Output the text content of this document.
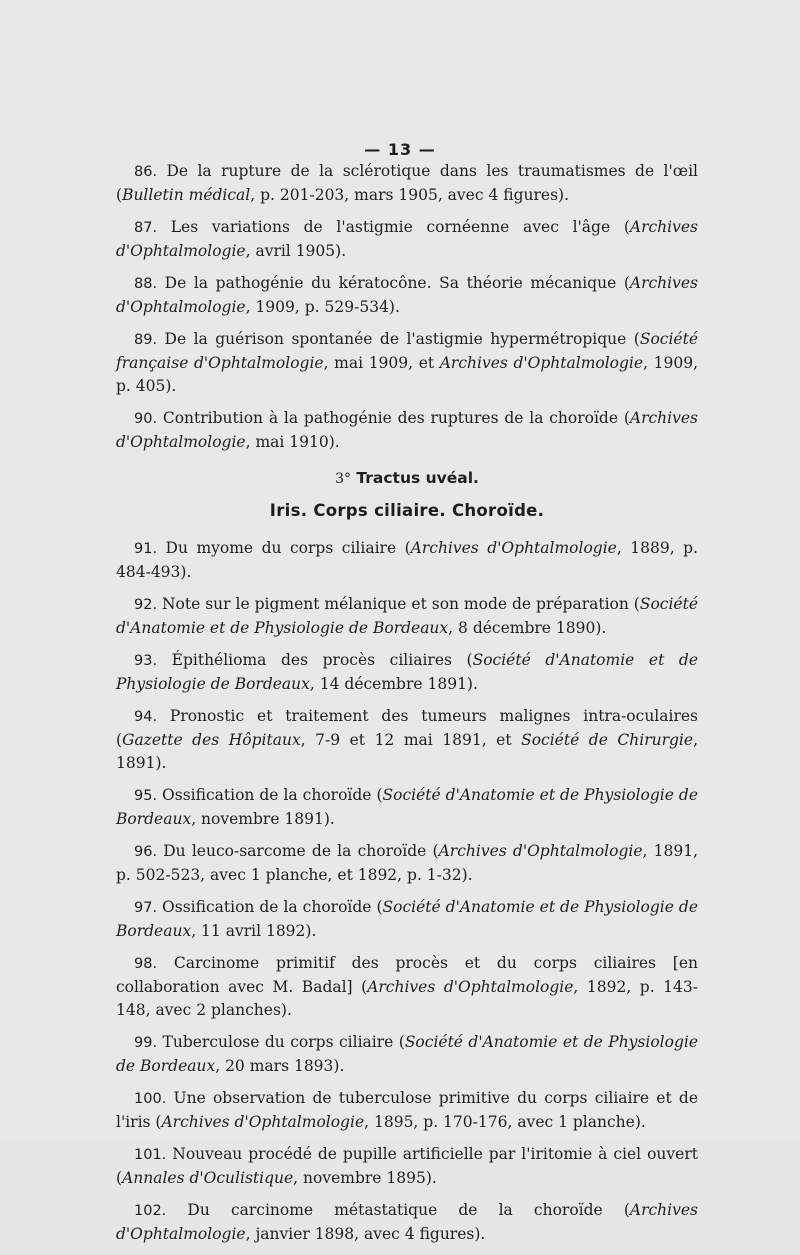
— 13 —

86. De la rupture de la sclérotique dans les traumatismes de l'œil (Bulletin médical, p. 201-203, mars 1905, avec 4 figures).

87. Les variations de l'astigmie cornéenne avec l'âge (Archives d'Ophtalmologie, avril 1905).

88. De la pathogénie du kératocône. Sa théorie mécanique (Archives d'Ophtalmologie, 1909, p. 529-534).

89. De la guérison spontanée de l'astigmie hypermétropique (Société française d'Ophtalmologie, mai 1909, et Archives d'Ophtalmologie, 1909, p. 405).

90. Contribution à la pathogénie des ruptures de la choroïde (Archives d'Ophtalmologie, mai 1910).

3° Tractus uvéal.
Iris. Corps ciliaire. Choroïde.

91. Du myome du corps ciliaire (Archives d'Ophtalmologie, 1889, p. 484-493).

92. Note sur le pigment mélanique et son mode de préparation (Société d'Anatomie et de Physiologie de Bordeaux, 8 décembre 1890).

93. Épithélioma des procès ciliaires (Société d'Anatomie et de Physiologie de Bordeaux, 14 décembre 1891).

94. Pronostic et traitement des tumeurs malignes intra-oculaires (Gazette des Hôpitaux, 7-9 et 12 mai 1891, et Société de Chirurgie, 1891).

95. Ossification de la choroïde (Société d'Anatomie et de Physiologie de Bordeaux, novembre 1891).

96. Du leuco-sarcome de la choroïde (Archives d'Ophtalmologie, 1891, p. 502-523, avec 1 planche, et 1892, p. 1-32).

97. Ossification de la choroïde (Société d'Anatomie et de Physiologie de Bordeaux, 11 avril 1892).

98. Carcinome primitif des procès et du corps ciliaires [en collaboration avec M. Badal] (Archives d'Ophtalmologie, 1892, p. 143-148, avec 2 planches).

99. Tuberculose du corps ciliaire (Société d'Anatomie et de Physiologie de Bordeaux, 20 mars 1893).

100. Une observation de tuberculose primitive du corps ciliaire et de l'iris (Archives d'Ophtalmologie, 1895, p. 170-176, avec 1 planche).

101. Nouveau procédé de pupille artificielle par l'iritomie à ciel ouvert (Annales d'Oculistique, novembre 1895).

102. Du carcinome métastatique de la choroïde (Archives d'Ophtalmologie, janvier 1898, avec 4 figures).
